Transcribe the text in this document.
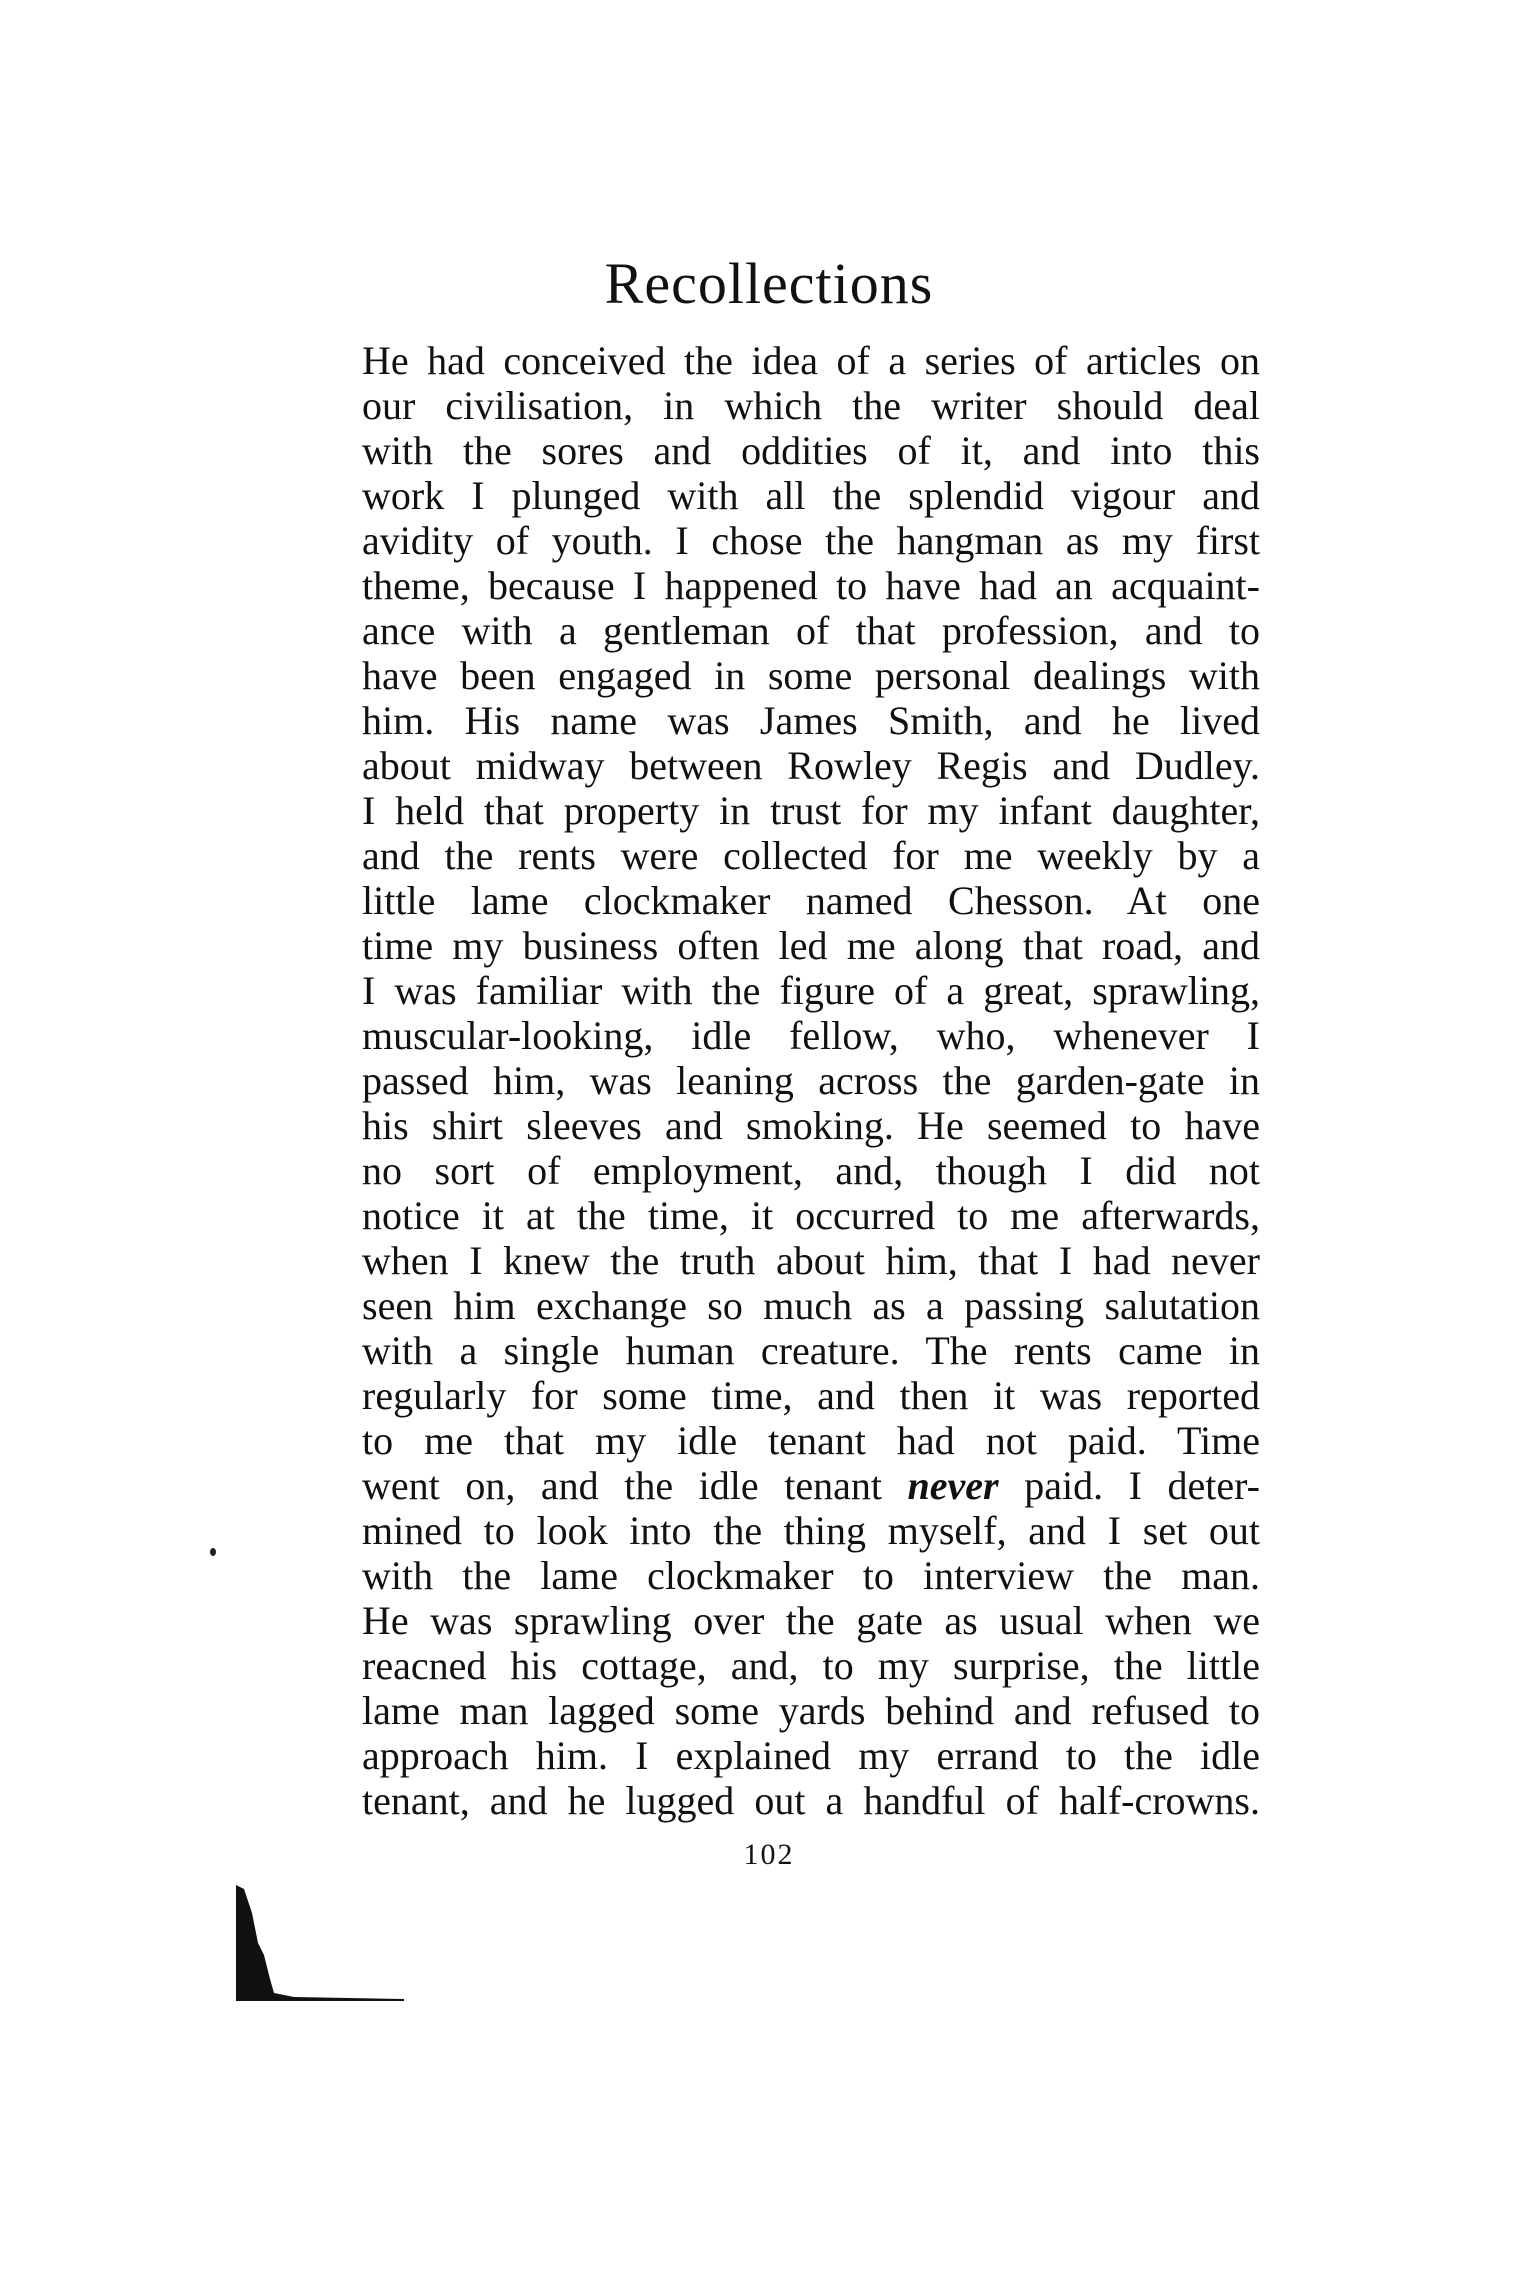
Recollections
He had conceived the idea of a series of articles on
our civilisation, in which the writer should deal
with the sores and oddities of it, and into this
work I plunged with all the splendid vigour and
avidity of youth. I chose the hangman as my first
theme, because I happened to have had an acquaint-
ance with a gentleman of that profession, and to
have been engaged in some personal dealings with
him. His name was James Smith, and he lived
about midway between Rowley Regis and Dudley.
I held that property in trust for my infant daughter,
and the rents were collected for me weekly by a
little lame clockmaker named Chesson. At one
time my business often led me along that road, and
I was familiar with the figure of a great, sprawling,
muscular-looking, idle fellow, who, whenever I
passed him, was leaning across the garden-gate in
his shirt sleeves and smoking. He seemed to have
no sort of employment, and, though I did not
notice it at the time, it occurred to me afterwards,
when I knew the truth about him, that I had never
seen him exchange so much as a passing salutation
with a single human creature. The rents came in
regularly for some time, and then it was reported
to me that my idle tenant had not paid. Time
went on, and the idle tenant never paid. I deter-
mined to look into the thing myself, and I set out
with the lame clockmaker to interview the man.
He was sprawling over the gate as usual when we
reacned his cottage, and, to my surprise, the little
lame man lagged some yards behind and refused to
approach him. I explained my errand to the idle
tenant, and he lugged out a handful of half-crowns.
102
